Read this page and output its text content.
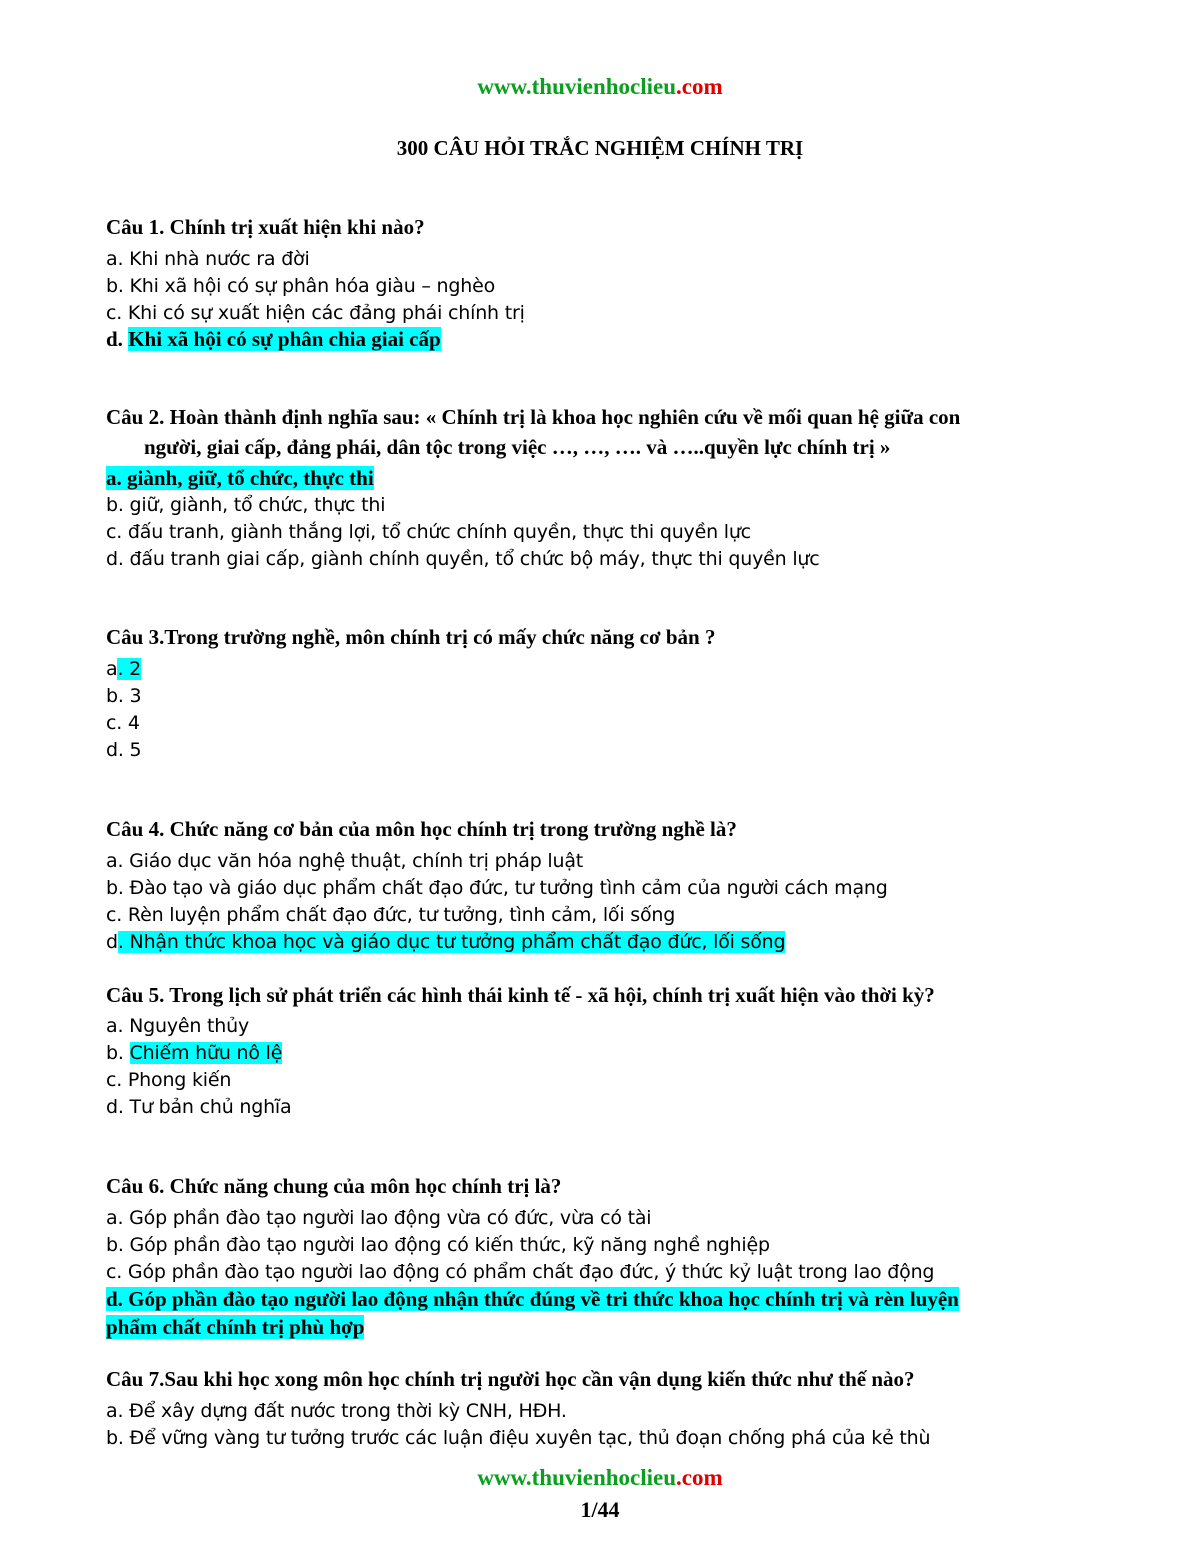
www.thuvienhoclieu.com
300 CÂU HỎI TRẮC NGHIỆM CHÍNH TRỊ
Câu 1. Chính trị xuất hiện khi nào?
a. Khi nhà nước ra đời
b. Khi xã hội có sự phân hóa giàu – nghèo
c. Khi có sự xuất hiện các đảng phái chính trị
d. Khi xã hội có sự phân chia giai cấp
Câu 2. Hoàn thành định nghĩa sau: « Chính trị là khoa học nghiên cứu về mối quan hệ giữa con
người, giai cấp, đảng phái, dân tộc trong việc …, …, …. và …..quyền lực chính trị »
a. giành, giữ, tổ chức, thực thi
b. giữ, giành, tổ chức, thực thi
c. đấu tranh, giành thắng lợi, tổ chức chính quyền, thực thi quyền lực
d. đấu tranh giai cấp, giành chính quyền, tổ chức bộ máy, thực thi quyền lực
Câu 3.Trong trường nghề, môn chính trị có mấy chức năng cơ bản ?
a. 2
b. 3
c. 4
d. 5
Câu 4. Chức năng cơ bản của môn học chính trị trong trường nghề là?
a. Giáo dục văn hóa nghệ thuật, chính trị pháp luật
b. Đào tạo và giáo dục phẩm chất đạo đức, tư tưởng tình cảm của người cách mạng
c. Rèn luyện phẩm chất đạo đức, tư tưởng, tình cảm, lối sống
d. Nhận thức khoa học và giáo dục tư tưởng phẩm chất đạo đức, lối sống
Câu 5. Trong lịch sử phát triển các hình thái kinh tế - xã hội, chính trị xuất hiện vào thời kỳ?
a. Nguyên thủy
b. Chiếm hữu nô lệ
c. Phong kiến
d. Tư bản chủ nghĩa
Câu 6. Chức năng chung của môn học chính trị là?
a. Góp phần đào tạo người lao động vừa có đức, vừa có tài
b. Góp phần đào tạo người lao động có kiến thức, kỹ năng nghề nghiệp
c. Góp phần đào tạo người lao động có phẩm chất đạo đức, ý thức kỷ luật trong lao động
d. Góp phần đào tạo người lao động nhận thức đúng về tri thức khoa học chính trị và rèn luyện
phẩm chất chính trị phù hợp
Câu 7.Sau khi học xong môn học chính trị người học cần vận dụng kiến thức như thế nào?
a. Để xây dựng đất nước trong thời kỳ CNH, HĐH.
b. Để vững vàng tư tưởng trước các luận điệu xuyên tạc, thủ đoạn chống phá của kẻ thù
www.thuvienhoclieu.com
1/44
